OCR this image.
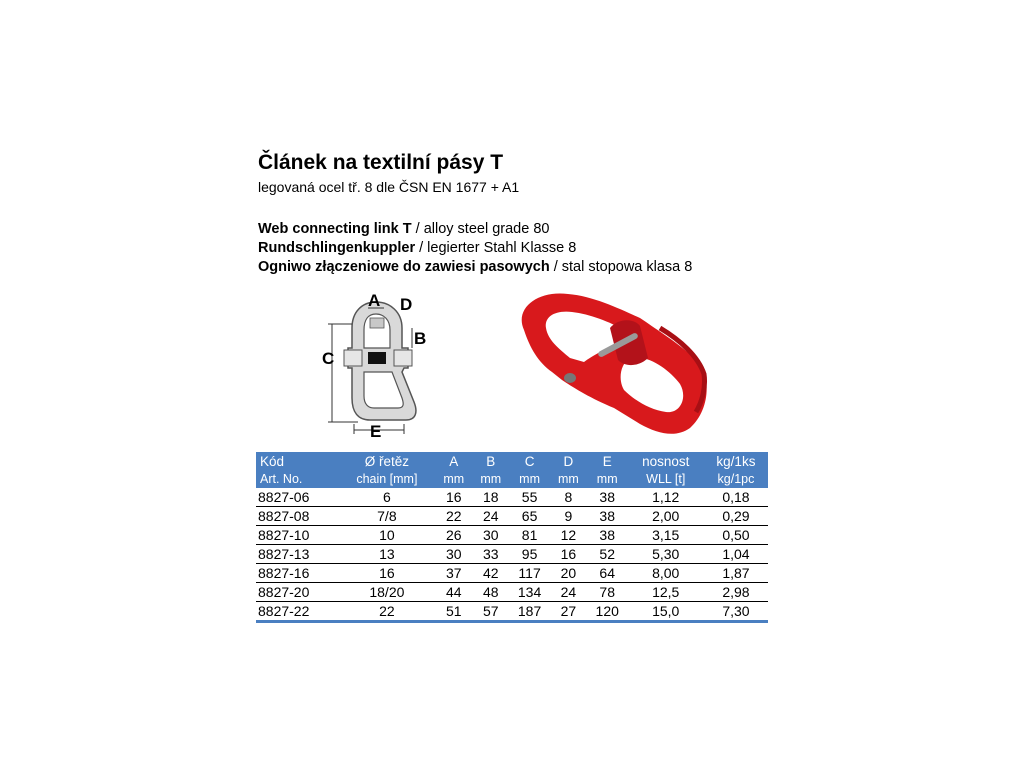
Článek na textilní pásy T
legovaná ocel tř. 8 dle ČSN EN 1677 + A1
Web connecting link T / alloy steel grade 80
Rundschlingenkuppler / legierter Stahl Klasse 8
Ogniwo złączeniowe do zawiesi pasowych / stal stopowa klasa 8
C
E
B
A D
Kód	Ø řetěz	A	B	C	D	E	nosnost	kg/1ks
Art. No.	chain [mm]	mm	mm	mm	mm	mm	WLL [t]	kg/1pc
8827-06	6	16	18	55	8	38	1,12	0,18
8827-08	7/8	22	24	65	9	38	2,00	0,29
8827-10	10	26	30	81	12	38	3,15	0,50
8827-13	13	30	33	95	16	52	5,30	1,04
8827-16	16	37	42	117	20	64	8,00	1,87
8827-20	18/20	44	48	134	24	78	12,5	2,98
8827-22	22	51	57	187	27	120	15,0	7,30
